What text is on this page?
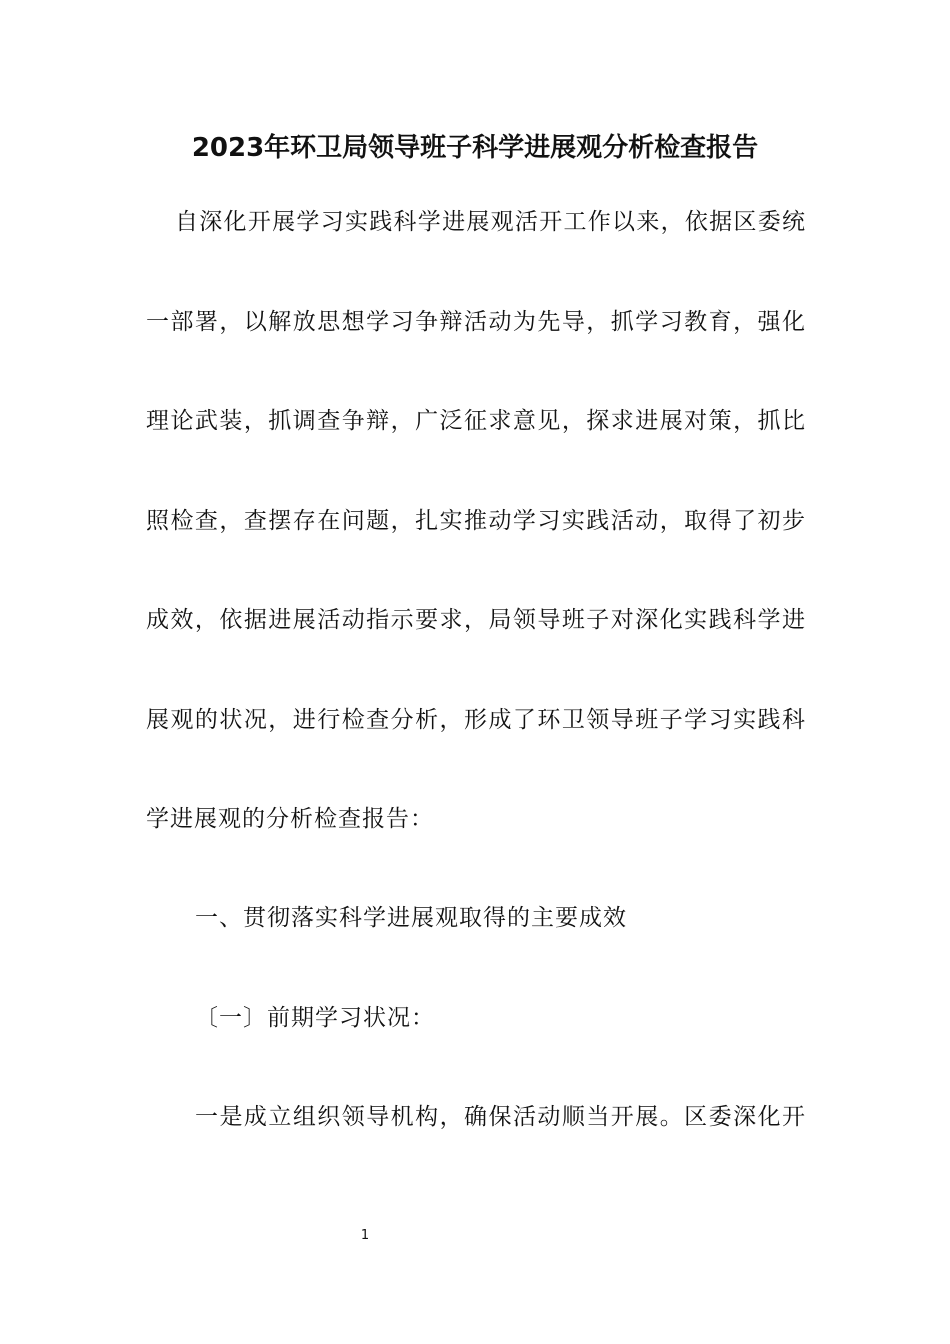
2023年环卫局领导班子科学进展观分析检查报告

自深化开展学习实践科学进展观活开工作以来，依据区委统

一部署，以解放思想学习争辩活动为先导，抓学习教育，强化

理论武装，抓调查争辩，广泛征求意见，探求进展对策，抓比

照检查，查摆存在问题，扎实推动学习实践活动，取得了初步

成效，依据进展活动指示要求，局领导班子对深化实践科学进

展观的状况，进行检查分析，形成了环卫领导班子学习实践科

学进展观的分析检查报告：

一、贯彻落实科学进展观取得的主要成效

〔一〕前期学习状况：

一是成立组织领导机构，确保活动顺当开展。区委深化开

1
